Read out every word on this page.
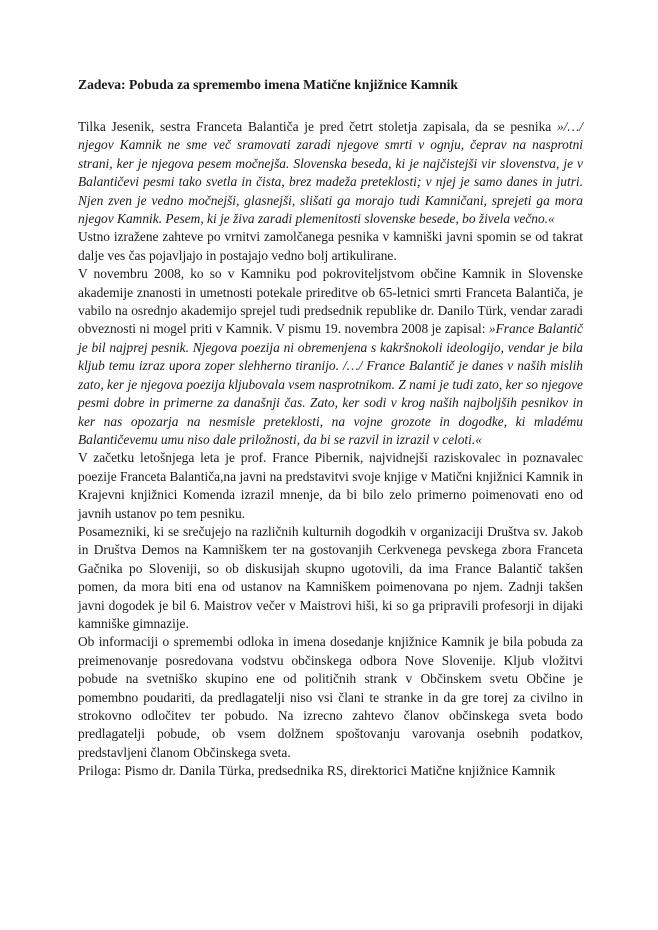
Zadeva: Pobuda za spremembo imena Matične knjižnice Kamnik

Tilka Jesenik, sestra Franceta Balantiča je pred četrt stoletja zapisala, da se pesnika »/…/ njegov Kamnik ne sme več sramovati zaradi njegove smrti v ognju, čeprav na nasprotni strani, ker je njegova pesem močnejša. Slovenska beseda, ki je najčistejši vir slovenstva, je v Balantičevi pesmi tako svetla in čista, brez madeža preteklosti; v njej je samo danes in jutri. Njen zven je vedno močnejši, glasnejši, slišati ga morajo tudi Kamničani, sprejeti ga mora njegov Kamnik. Pesem, ki je živa zaradi plemenitosti slovenske besede, bo živela večno.«

Ustno izražene zahteve po vrnitvi zamolčanega pesnika v kamniški javni spomin se od takrat dalje ves čas pojavljajo in postajajo vedno bolj artikulirane.

V novembru 2008, ko so v Kamniku pod pokroviteljstvom občine Kamnik in Slovenske akademije znanosti in umetnosti potekale prireditve ob 65-letnici smrti Franceta Balantiča, je vabilo na osrednjo akademijo sprejel tudi predsednik republike dr. Danilo Türk, vendar zaradi obveznosti ni mogel priti v Kamnik. V pismu 19. novembra 2008 je zapisal: »France Balantič je bil najprej pesnik. Njegova poezija ni obremenjena s kakršnokoli ideologijo, vendar je bila kljub temu izraz upora zoper slehherno tiranijo. /…/ France Balantič je danes v naših mislih zato, ker je njegova poezija kljubovala vsem nasprotnikom. Z nami je tudi zato, ker so njegove pesmi dobre in primerne za današnji čas. Zato, ker sodi v krog naših najboljših pesnikov in ker nas opozarja na nesmisle preteklosti, na vojne grozote in dogodke, ki mladému Balantičevemu umu niso dale priložnosti, da bi se razvil in izrazil v celoti.«

V začetku letošnjega leta je prof. France Pibernik, najvidnejši raziskovalec in poznavalec poezije Franceta Balantiča,na javni na predstavitvi svoje knjige v Matični knjižnici Kamnik in Krajevni knjižnici Komenda izrazil mnenje, da bi bilo zelo primerno poimenovati eno od javnih ustanov po tem pesniku.

Posamezniki, ki se srečujejo na različnih kulturnih dogodkih v organizaciji Društva sv. Jakob in Društva Demos na Kamniškem ter na gostovanjih Cerkvenega pevskega zbora Franceta Gačnika po Sloveniji, so ob diskusijah skupno ugotovili, da ima France Balantič takšen pomen, da mora biti ena od ustanov na Kamniškem poimenovana po njem. Zadnji takšen javni dogodek je bil 6. Maistrov večer v Maistrovi hiši, ki so ga pripravili profesorji in dijaki kamniške gimnazije.

Ob informaciji o spremembi odloka in imena dosedanje knjižnice Kamnik je bila pobuda za preimenovanje posredovana vodstvu občinskega odbora Nove Slovenije. Kljub vložitvi pobude na svetniško skupino ene od političnih strank v Občinskem svetu Občine je pomembno poudariti, da predlagatelji niso vsi člani te stranke in da gre torej za civilno in strokovno odločitev ter pobudo. Na izrecno zahtevo članov občinskega sveta bodo predlagatelji pobude, ob vsem dolžnem spoštovanju varovanja osebnih podatkov, predstavljeni članom Občinskega sveta.

Priloga: Pismo dr. Danila Türka, predsednika RS, direktorici Matične knjižnice Kamnik
